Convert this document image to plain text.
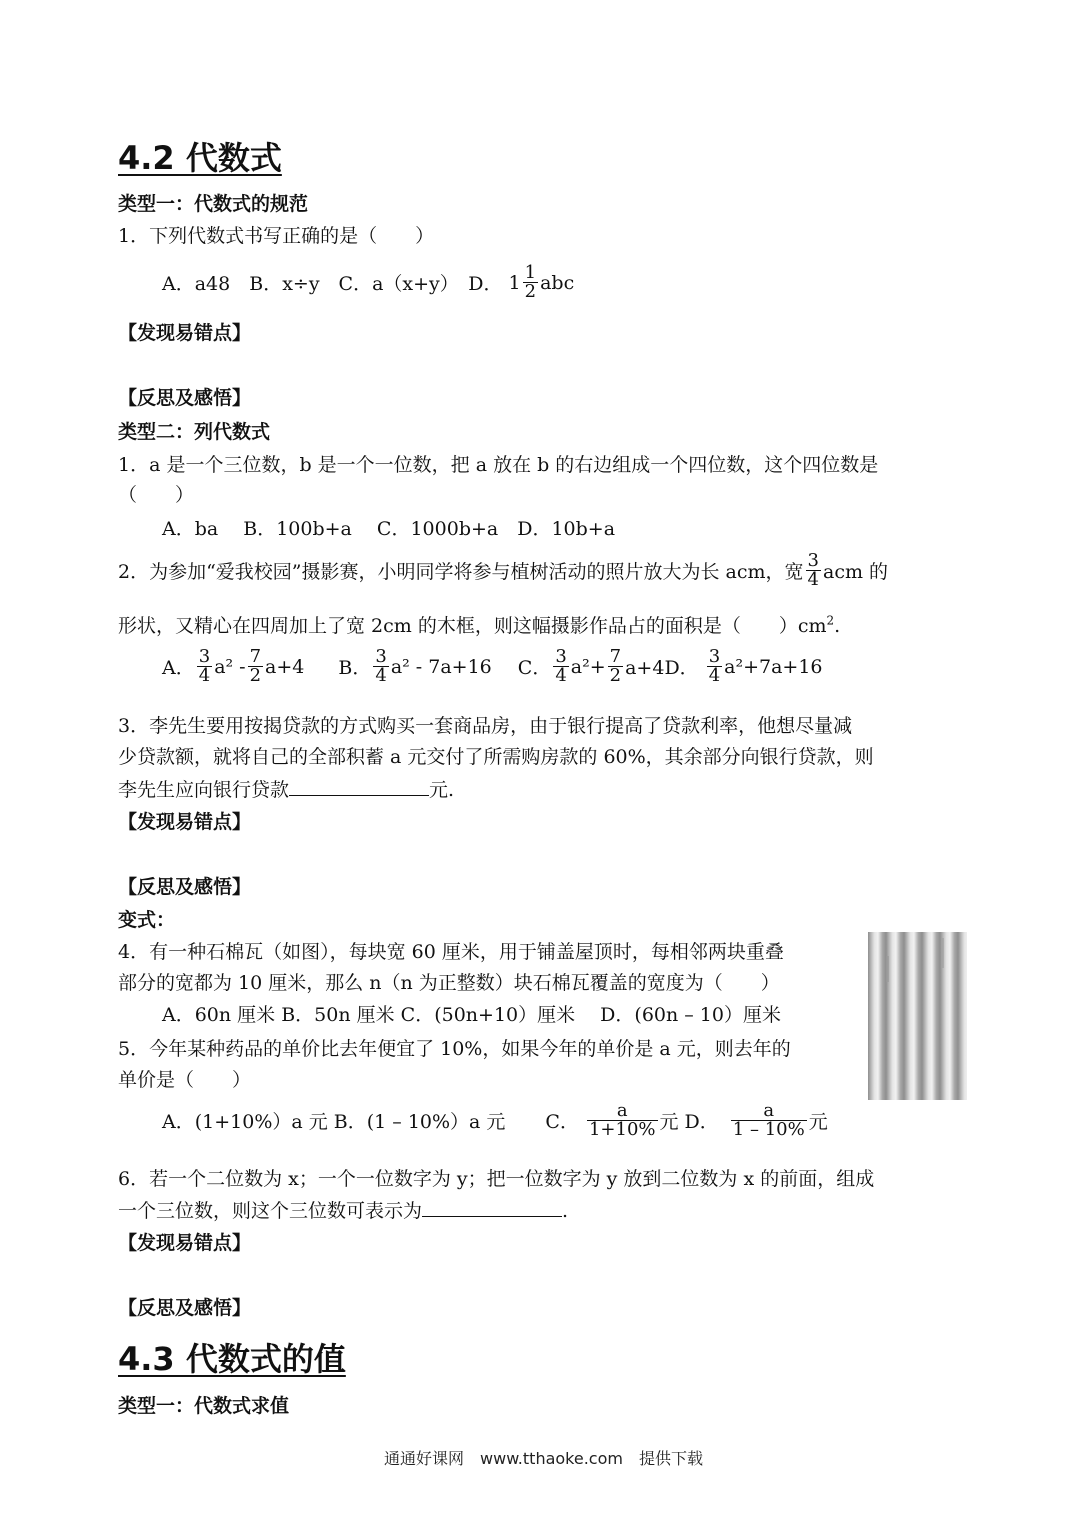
4.2 代数式
类型一：代数式的规范
1．下列代数式书写正确的是（　　）
A．a48　B．x÷y　C．a（x+y）　D． $1 \frac{1}{2}$ abc
【发现易错点】
【反思及感悟】
类型二：列代数式
1．a 是一个三位数，b 是一个一位数，把 a 放在 b 的右边组成一个四位数，这个四位数是
（　　）
A．ba　 B．100b+a　 C．1000b+a　D．10b+a
2．为参加“爱我校园”摄影赛，小明同学将参与植树活动的照片放大为长 acm，宽 $\frac{3}{4}$ acm 的
形状，又精心在四周加上了宽 2cm 的木框，则这幅摄影作品占的面积是（　　）$cm^2$.
A． $\frac{3}{4} a^2 - \frac{7}{2} a+4$ B． $\frac{3}{4} a^2 - 7a+16$ C． $\frac{3}{4} a^2+ \frac{7}{2} a+4D$． $\frac{3}{4} a^2+7a+16$
3．李先生要用按揭贷款的方式购买一套商品房，由于银行提高了贷款利率，他想尽量减
少贷款额，就将自己的全部积蓄 a 元交付了所需购房款的 60%，其余部分向银行贷款，则
李先生应向银行贷款	元.
【发现易错点】
【反思及感悟】
变式：
4．有一种石棉瓦（如图），每块宽 60 厘米，用于铺盖屋顶时，每相邻两块重叠
部分的宽都为 10 厘米，那么 n（n 为正整数）块石棉瓦覆盖的宽度为（　　）
A．60n 厘米 B．50n 厘米 C．(50n+10）厘米　 D．(60n – 10）厘米
5．今年某种药品的单价比去年便宜了 10%，如果今年的单价是 a 元，则去年的
单价是（　　）
A．(1+10%）a 元 B．(1 – 10%）a 元 C． $\frac{a}{1+10\%}$ 元 D． $\frac{a}{1 - 10\%}$ 元
6．若一个二位数为 x；一个一位数字为 y；把一位数字为 y 放到二位数为 x 的前面，组成
一个三位数，则这个三位数可表示为	.
【发现易错点】
【反思及感悟】
4.3 代数式的值
类型一：代数式求值
通通好课网　www.tthaoke.com　提供下载
